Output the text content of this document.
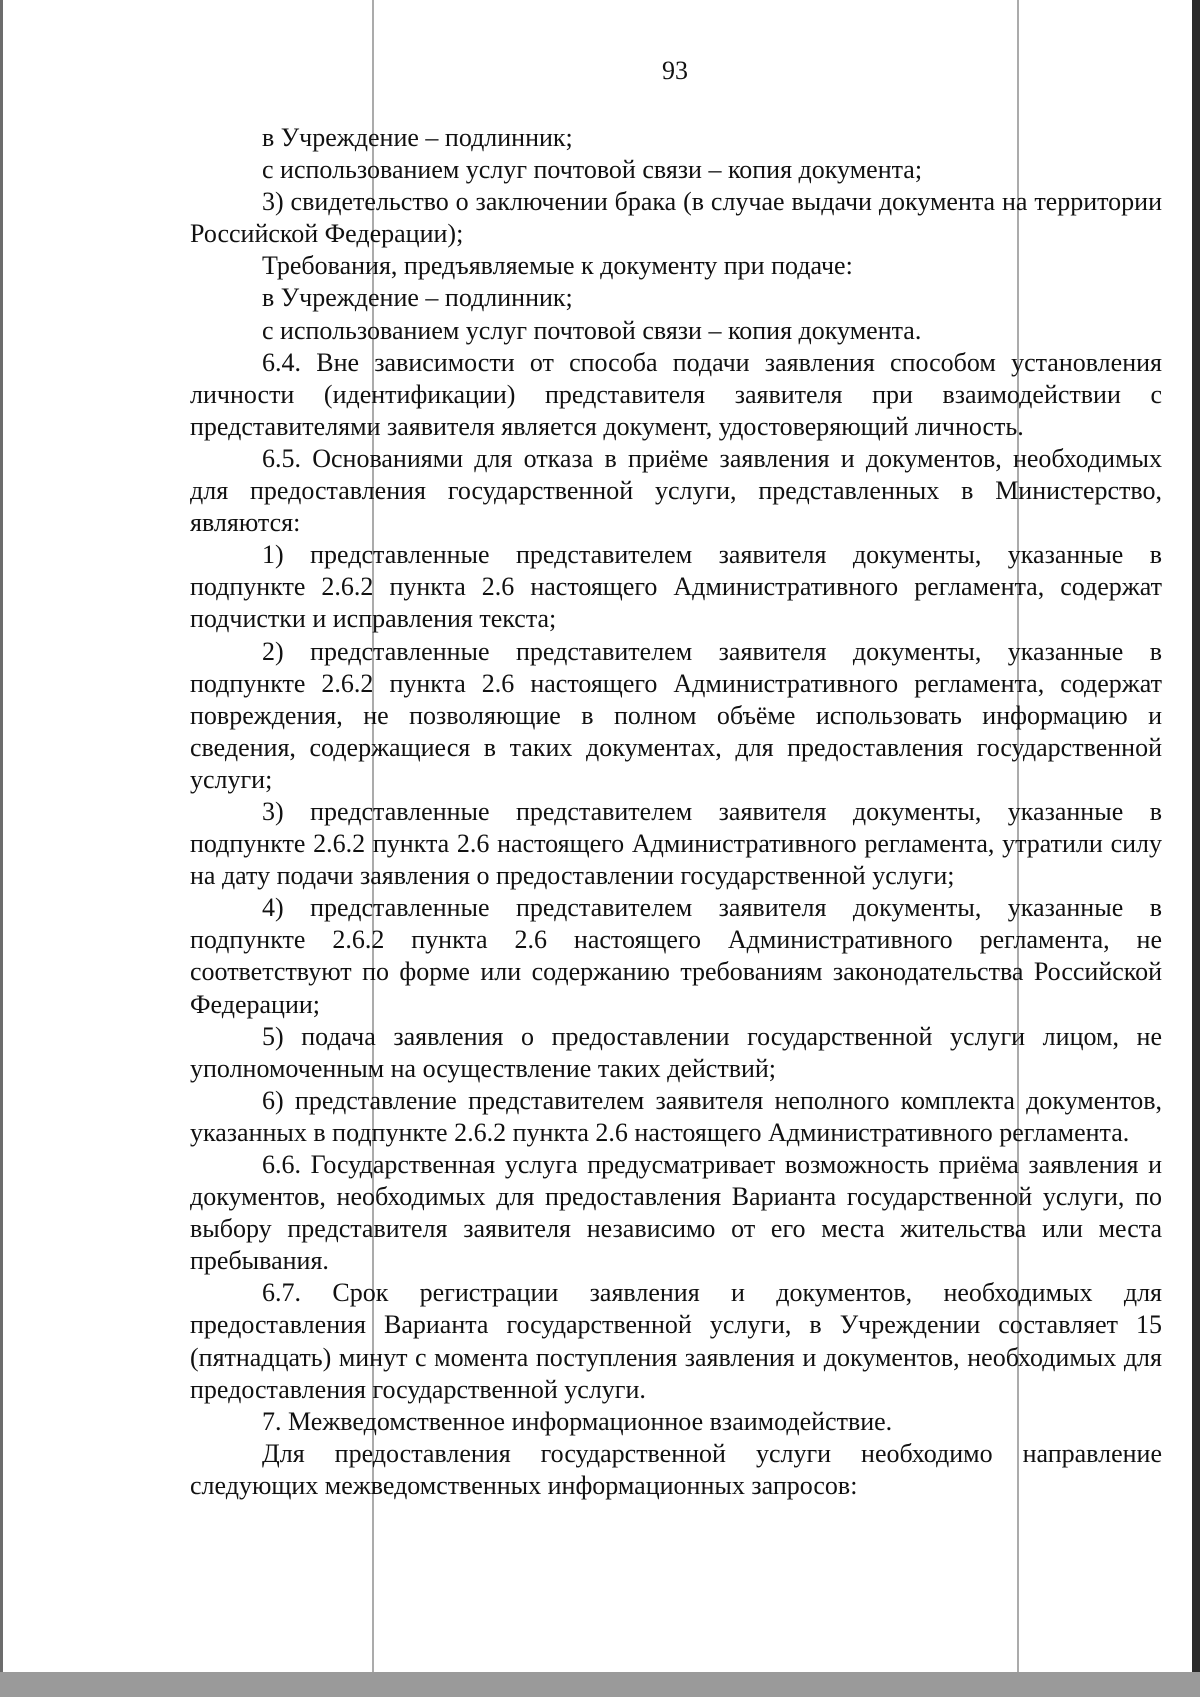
93

в Учреждение – подлинник;

с использованием услуг почтовой связи – копия документа;

3) свидетельство о заключении брака (в случае выдачи документа на территории Российской Федерации);

Требования, предъявляемые к документу при подаче:

в Учреждение – подлинник;

с использованием услуг почтовой связи – копия документа.

6.4. Вне зависимости от способа подачи заявления способом установления личности (идентификации) представителя заявителя при взаимодействии с представителями заявителя является документ, удостоверяющий личность.

6.5. Основаниями для отказа в приёме заявления и документов, необходимых для предоставления государственной услуги, представленных в Министерство, являются:

1) представленные представителем заявителя документы, указанные в подпункте 2.6.2 пункта 2.6 настоящего Административного регламента, содержат подчистки и исправления текста;

2) представленные представителем заявителя документы, указанные в подпункте 2.6.2 пункта 2.6 настоящего Административного регламента, содержат повреждения, не позволяющие в полном объёме использовать информацию и сведения, содержащиеся в таких документах, для предоставления государственной услуги;

3) представленные представителем заявителя документы, указанные в подпункте 2.6.2 пункта 2.6 настоящего Административного регламента, утратили силу на дату подачи заявления о предоставлении государственной услуги;

4) представленные представителем заявителя документы, указанные в подпункте 2.6.2 пункта 2.6 настоящего Административного регламента, не соответствуют по форме или содержанию требованиям законодательства Российской Федерации;

5) подача заявления о предоставлении государственной услуги лицом, не уполномоченным на осуществление таких действий;

6) представление представителем заявителя неполного комплекта документов, указанных в подпункте 2.6.2 пункта 2.6 настоящего Административного регламента.

6.6. Государственная услуга предусматривает возможность приёма заявления и документов, необходимых для предоставления Варианта государственной услуги, по выбору представителя заявителя независимо от его места жительства или места пребывания.

6.7. Срок регистрации заявления и документов, необходимых для предоставления Варианта государственной услуги, в Учреждении составляет 15 (пятнадцать) минут с момента поступления заявления и документов, необходимых для предоставления государственной услуги.

7. Межведомственное информационное взаимодействие.

Для предоставления государственной услуги необходимо направление следующих межведомственных информационных запросов:
